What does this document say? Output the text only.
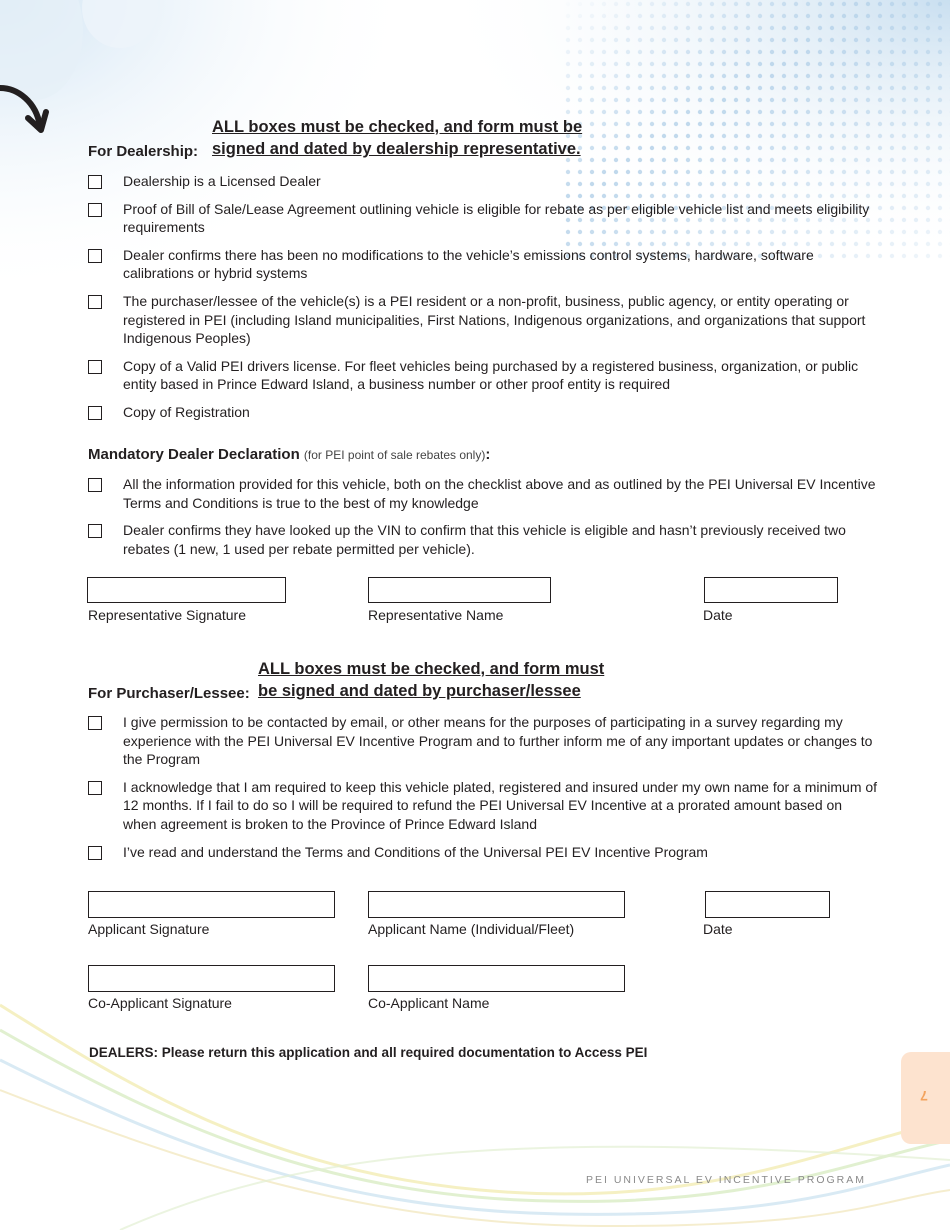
For Dealership:
ALL boxes must be checked, and form must be
signed and dated by dealership representative.
Dealership is a Licensed Dealer
Proof of Bill of Sale/Lease Agreement outlining vehicle is eligible for rebate as per eligible vehicle list and meets eligibility requirements
Dealer confirms there has been no modifications to the vehicle’s emissions control systems, hardware, software calibrations or hybrid systems
The purchaser/lessee of the vehicle(s) is a PEI resident or a non-profit, business, public agency, or entity operating or registered in PEI (including Island municipalities, First Nations, Indigenous organizations, and organizations that support Indigenous Peoples)
Copy of a Valid PEI drivers license. For fleet vehicles being purchased by a registered business, organization, or public entity based in Prince Edward Island, a business number or other proof entity is required
Copy of Registration
Mandatory Dealer Declaration (for PEI point of sale rebates only):
All the information provided for this vehicle, both on the checklist above and as outlined by the PEI Universal EV Incentive Terms and Conditions is true to the best of my knowledge
Dealer confirms they have looked up the VIN to confirm that this vehicle is eligible and hasn’t previously received two rebates (1 new, 1 used per rebate permitted per vehicle).
Representative Signature	Representative Name	Date
For Purchaser/Lessee:
ALL boxes must be checked, and form must
be signed and dated by purchaser/lessee
I give permission to be contacted by email, or other means for the purposes of participating in a survey regarding my experience with the PEI Universal EV Incentive Program and to further inform me of any important updates or changes to the Program
I acknowledge that I am required to keep this vehicle plated, registered and insured under my own name for a minimum of 12 months. If I fail to do so I will be required to refund the PEI Universal EV Incentive at a prorated amount based on when agreement is broken to the Province of Prince Edward Island
I’ve read and understand the Terms and Conditions of the Universal PEI EV Incentive Program
Applicant Signature	Applicant Name (Individual/Fleet)	Date
Co-Applicant Signature	Co-Applicant Name
DEALERS: Please return this application and all required documentation to Access PEI
7
PEI UNIVERSAL EV INCENTIVE PROGRAM
